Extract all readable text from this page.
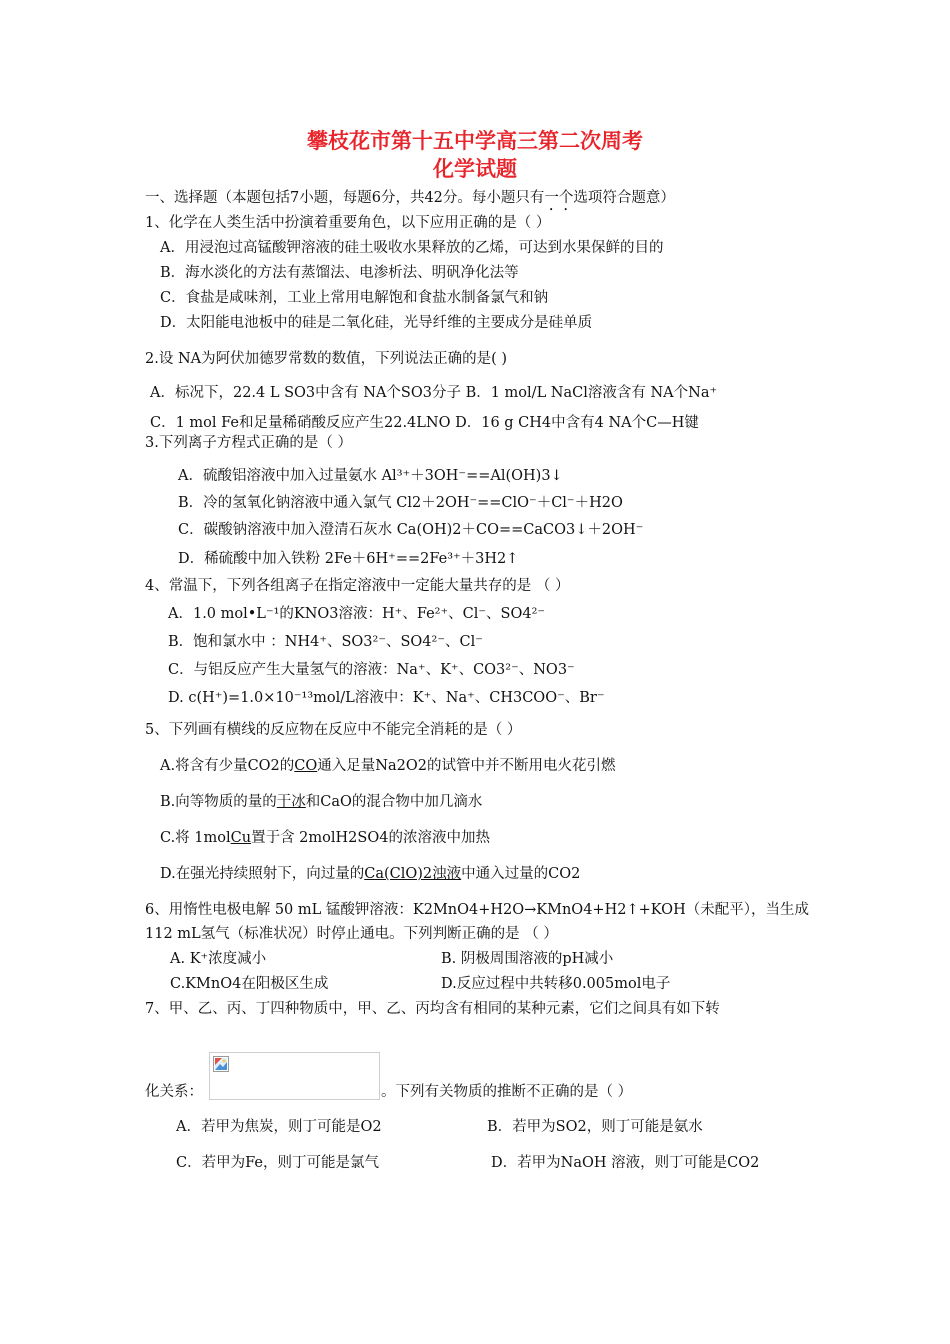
攀枝花市第十五中学高三第二次周考
化学试题
一、选择题（本题包括7小题，每题6分，共42分。每小题只有一个选项符合题意）
1、化学在人类生活中扮演着重要角色，以下应用正确的是（ ）
A．用浸泡过高锰酸钾溶液的硅土吸收水果释放的乙烯，可达到水果保鲜的目的
B．海水淡化的方法有蒸馏法、电渗析法、明矾净化法等
C．食盐是咸味剂，工业上常用电解饱和食盐水制备氯气和钠
D．太阳能电池板中的硅是二氧化硅，光导纤维的主要成分是硅单质
2.设 NA为阿伏加德罗常数的数值，下列说法正确的是( )
A．标况下，22.4 L SO3中含有 NA个SO3分子 B．1 mol/L NaCl溶液含有 NA个Na⁺
C．1 mol Fe和足量稀硝酸反应产生22.4LNO D．16 g CH4中含有4 NA个C—H键
3.下列离子方程式正确的是（ ）
A．硫酸铝溶液中加入过量氨水 Al³⁺＋3OH⁻==Al(OH)3↓
B．冷的氢氧化钠溶液中通入氯气 Cl2＋2OH⁻==ClO⁻＋Cl⁻＋H2O
C．碳酸钠溶液中加入澄清石灰水 Ca(OH)2＋CO==CaCO3↓＋2OH⁻
D．稀硫酸中加入铁粉 2Fe＋6H⁺==2Fe³⁺＋3H2↑
4、常温下，下列各组离子在指定溶液中一定能大量共存的是 （ ）
A．1.0 mol•L⁻¹的KNO3溶液：H⁺、Fe²⁺、Cl⁻、SO4²⁻
B．饱和氯水中 ：NH4⁺、SO3²⁻、SO4²⁻、Cl⁻
C．与铝反应产生大量氢气的溶液：Na⁺、K⁺、CO3²⁻、NO3⁻
D. c(H⁺)=1.0×10⁻¹³mol/L溶液中：K⁺、Na⁺、CH3COO⁻、Br⁻
5、下列画有横线的反应物在反应中不能完全消耗的是（ ）
A.将含有少量CO2的CO通入足量Na2O2的试管中并不断用电火花引燃
B.向等物质的量的干冰和CaO的混合物中加几滴水
C.将 1molCu置于含 2molH2SO4的浓溶液中加热
D.在强光持续照射下，向过量的Ca(ClO)2浊液中通入过量的CO2
6、用惰性电极电解 50 mL 锰酸钾溶液：K2MnO4+H2O→KMnO4+H2↑+KOH（未配平），当生成
112 mL氢气（标准状况）时停止通电。下列判断正确的是 （ ）
A. K⁺浓度减小	B. 阴极周围溶液的pH减小
C.KMnO4在阳极区生成	D.反应过程中共转移0.005mol电子
7、甲、乙、丙、丁四种物质中，甲、乙、丙均含有相同的某种元素，它们之间具有如下转
化关系：	。下列有关物质的推断不正确的是（ ）
A．若甲为焦炭，则丁可能是O2	B．若甲为SO2，则丁可能是氨水
C．若甲为Fe，则丁可能是氯气	D．若甲为NaOH 溶液，则丁可能是CO2
